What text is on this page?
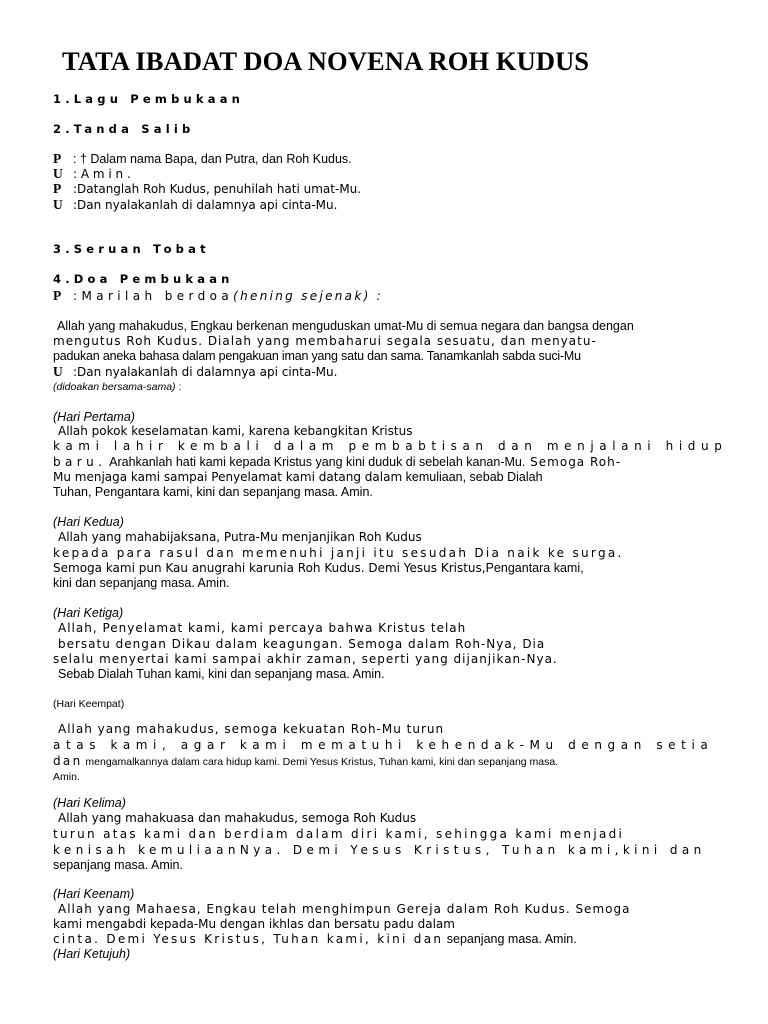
TATA IBADAT DOA NOVENA ROH KUDUS
1.Lagu Pembukaan
2.Tanda Salib
P : † Dalam nama Bapa, dan Putra, dan Roh Kudus.
U : A m i n .
P :Datanglah Roh Kudus, penuhilah hati umat-Mu.
U :Dan nyalakanlah di dalamnya api cinta-Mu.
3.Seruan Tobat
4.Doa Pembukaan
P :Marilah berdoa(hening sejenak) :
Allah yang mahakudus, Engkau berkenan menguduskan umat-Mu di semua negara dan bangsa dengan
mengutus Roh Kudus. Dialah yang membaharui segala sesuatu, dan menyatu-
padukan aneka bahasa dalam pengakuan iman yang satu dan sama. Tanamkanlah sabda suci-Mu
U :Dan nyalakanlah di dalamnya api cinta-Mu.
(didoakan bersama-sama) :
(Hari Pertama)
Allah pokok keselamatan kami, karena kebangkitan Kristus
kami lahir kembali dalam pembabtisan dan menjalani hidup
baru. Arahkanlah hati kami kepada Kristus yang kini duduk di sebelah kanan-Mu. Semoga Roh-
Mu menjaga kami sampai Penyelamat kami datang dalam kemuliaan, sebab Dialah
Tuhan, Pengantara kami, kini dan sepanjang masa. Amin.
(Hari Kedua)
Allah yang mahabijaksana, Putra-Mu menjanjikan Roh Kudus
kepada para rasul dan memenuhi janji itu sesudah Dia naik ke surga.
Semoga kami pun Kau anugrahi karunia Roh Kudus. Demi Yesus Kristus,Pengantara kami,
kini dan sepanjang masa. Amin.
(Hari Ketiga)
Allah, Penyelamat kami, kami percaya bahwa Kristus telah
bersatu dengan Dikau dalam keagungan. Semoga dalam Roh-Nya, Dia
selalu menyertai kami sampai akhir zaman, seperti yang dijanjikan-Nya.
Sebab Dialah Tuhan kami, kini dan sepanjang masa. Amin.
(Hari Keempat)
Allah yang mahakudus, semoga kekuatan Roh-Mu turun
atas kami, agar kami mematuhi kehendak-Mu dengan setia
dan mengamalkannya dalam cara hidup kami. Demi Yesus Kristus, Tuhan kami, kini dan sepanjang masa.
Amin.
(Hari Kelima)
Allah yang mahakuasa dan mahakudus, semoga Roh Kudus
turun atas kami dan berdiam dalam diri kami, sehingga kami menjadi
kenisah kemuliaanNya. Demi Yesus Kristus, Tuhan kami,kini dan
sepanjang masa. Amin.
(Hari Keenam)
Allah yang Mahaesa, Engkau telah menghimpun Gereja dalam Roh Kudus. Semoga
kami mengabdi kepada-Mu dengan ikhlas dan bersatu padu dalam
cinta. Demi Yesus Kristus, Tuhan kami, kini dan sepanjang masa. Amin.
(Hari Ketujuh)
